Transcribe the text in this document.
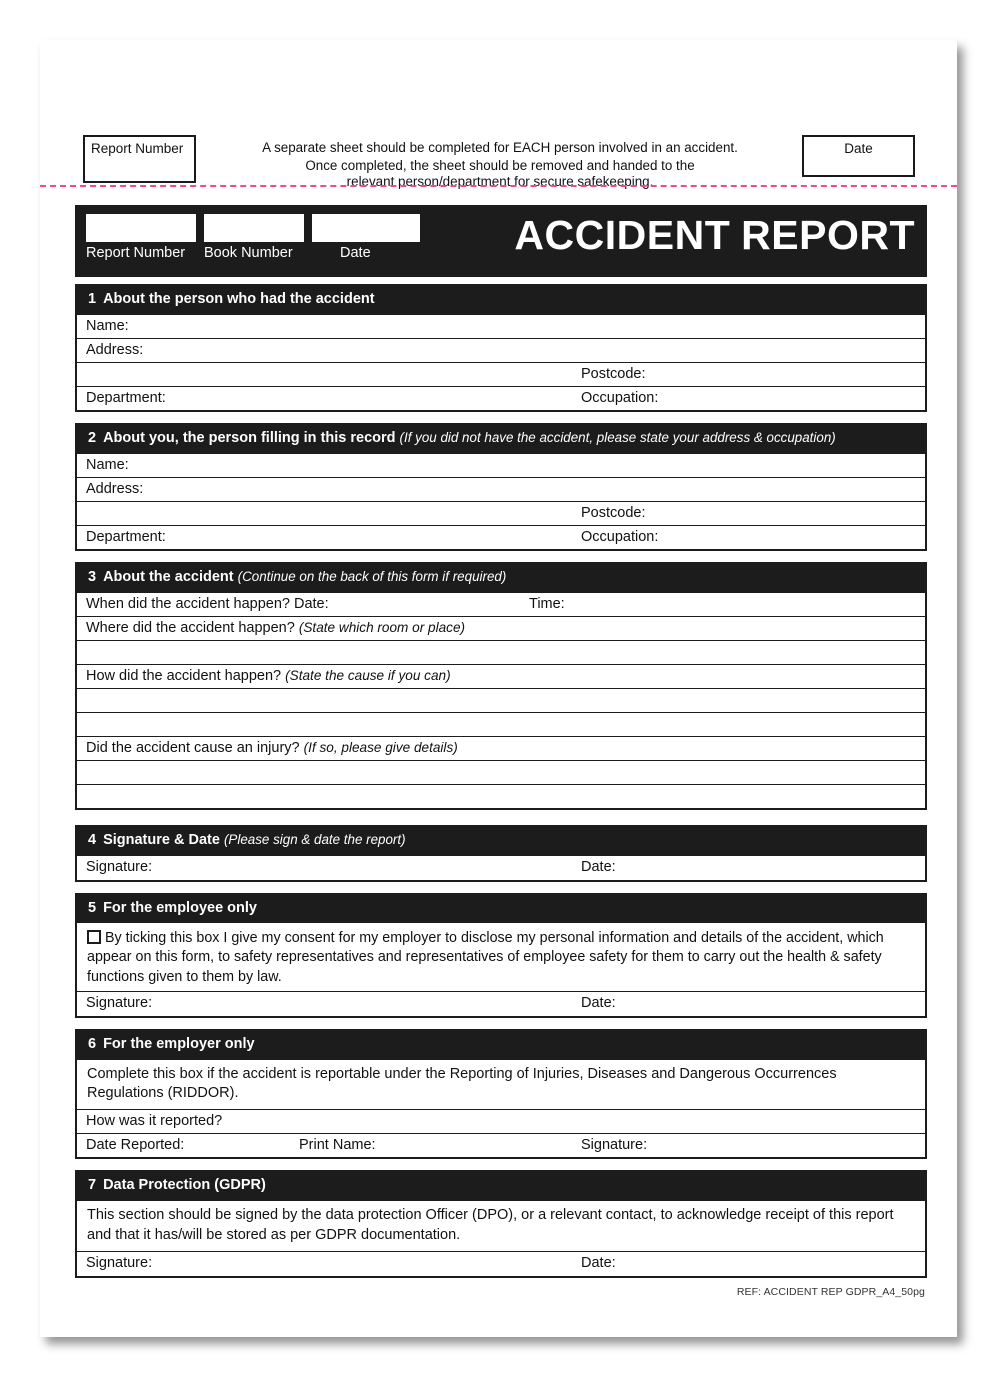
Report Number	A separate sheet should be completed for EACH person involved in an accident.
Once completed, the sheet should be removed and handed to the
relevant person/department for secure safekeeping.
Date
Report Number	Book Number	Date	ACCIDENT REPORT
1 About the person who had the accident
Name:
Address:
Postcode:
Department:	Occupation:
2 About you, the person filling in this record (If you did not have the accident, please state your address & occupation)
Name:
Address:
Postcode:
Department:	Occupation:
3 About the accident (Continue on the back of this form if required)
When did the accident happen? Date:	Time:
Where did the accident happen? (State which room or place)
How did the accident happen? (State the cause if you can)
Did the accident cause an injury? (If so, please give details)
4 Signature & Date (Please sign & date the report)
Signature:	Date:
5 For the employee only
By ticking this box I give my consent for my employer to disclose my personal information and details of the accident, which appear on this form, to safety representatives and representatives of employee safety for them to carry out the health & safety functions given to them by law.
Signature:	Date:
6 For the employer only
Complete this box if the accident is reportable under the Reporting of Injuries, Diseases and Dangerous Occurrences Regulations (RIDDOR).
How was it reported?
Date Reported:	Print Name:	Signature:
7 Data Protection (GDPR)
This section should be signed by the data protection Officer (DPO), or a relevant contact, to acknowledge receipt of this report and that it has/will be stored as per GDPR documentation.
Signature:	Date:
REF: ACCIDENT REP GDPR_A4_50pg
